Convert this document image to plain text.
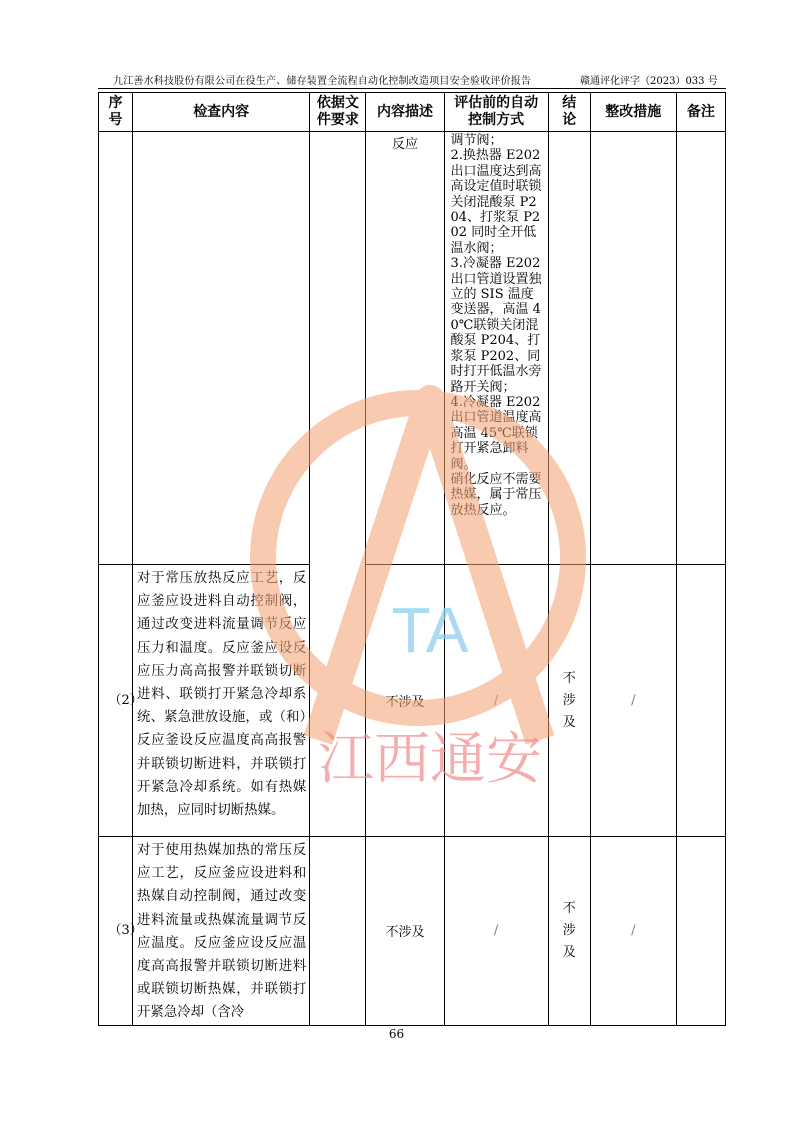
九江善水科技股份有限公司在役生产、储存装置全流程自动化控制改造项目安全验收评价报告	赣通评化评字（2023）033 号
序号	检查内容	依据文件要求	内容描述	评估前的自动控制方式	结论	整改措施	备注

			反应	调节阀；
2.换热器 E202 出口温度达到高高设定值时联锁关闭混酸泵 P204、打浆泵 P202 同时全开低温水阀；
3.冷凝器 E202 出口管道设置独立的 SIS 温度变送器，高温 40℃联锁关闭混酸泵 P204、打浆泵 P202、同时打开低温水旁路开关阀；
4.冷凝器 E202 出口管道温度高高温 45℃联锁打开紧急卸料阀。
硝化反应不需要热媒，属于常压放热反应。			

（2）	对于常压放热反应工艺，反应釜应设进料自动控制阀，通过改变进料流量调节反应压力和温度。反应釜应设反应压力高高报警并联锁切断进料、联锁打开紧急冷却系统、紧急泄放设施，或（和）反应釜设反应温度高高报警并联锁切断进料，并联锁打开紧急冷却系统。如有热媒加热，应同时切断热媒。		不涉及	/	不涉及	/	

（3）	对于使用热媒加热的常压反应工艺，反应釜应设进料和热媒自动控制阀，通过改变进料流量或热媒流量调节反应温度。反应釜应设反应温度高高报警并联锁切断进料或联锁切断热媒，并联锁打开紧急冷却（含冷		不涉及	/	不涉及	/	
TA
江西通安
66
